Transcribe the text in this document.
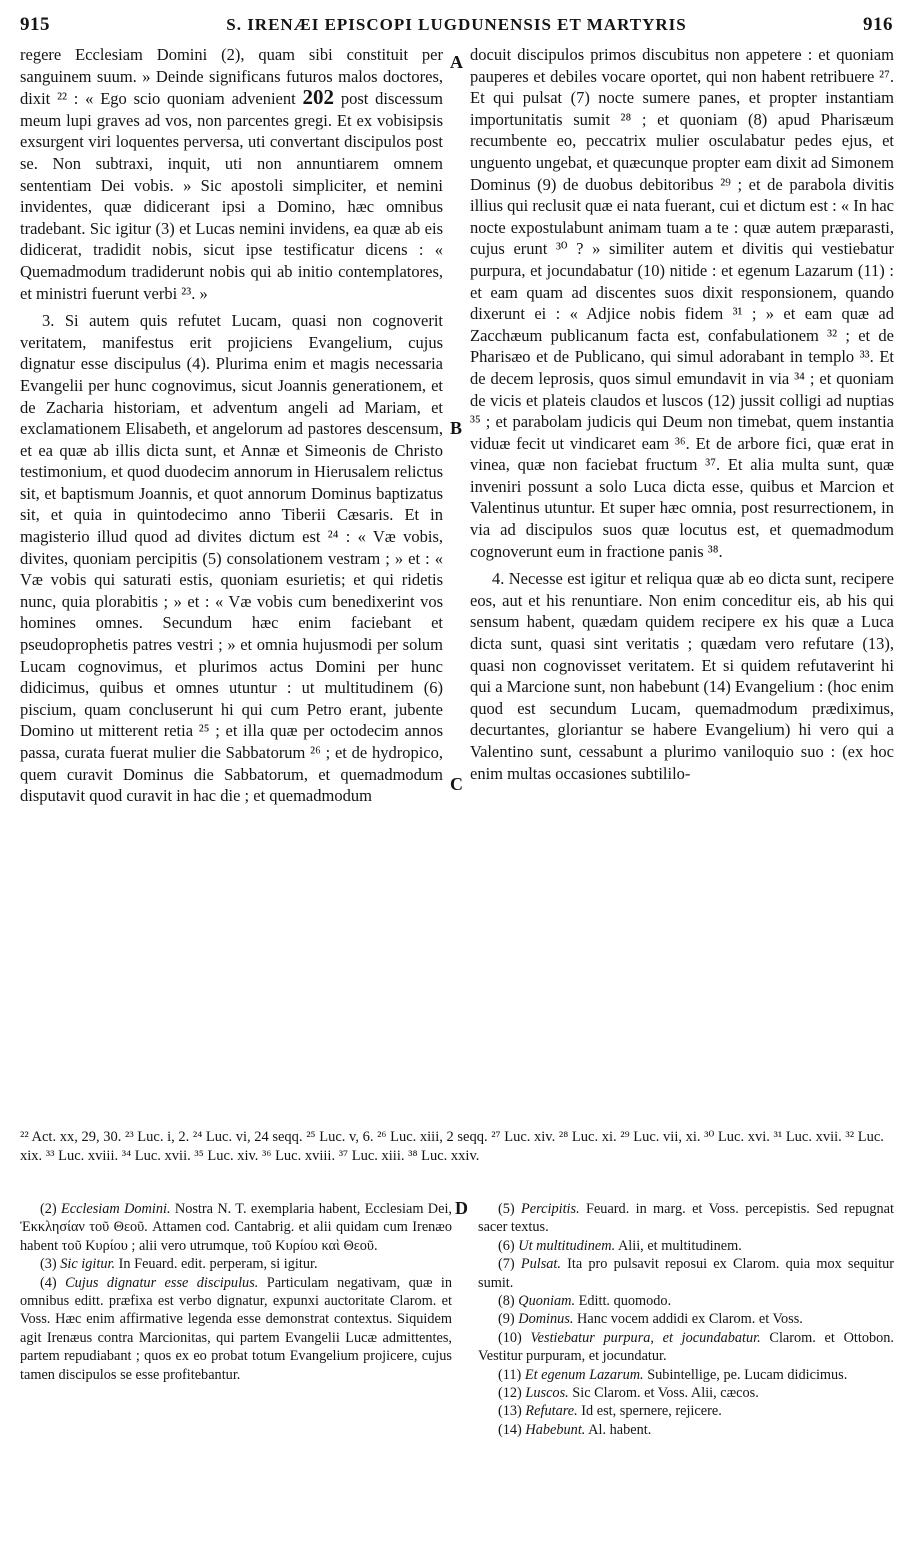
915	S. IRENÆI EPISCOPI LUGDUNENSIS ET MARTYRIS	916
A
B
C
D

regere Ecclesiam Domini (2), quam sibi constituit per sanguinem suum. » Deinde significans futuros malos doctores, dixit ²² : « Ego scio quoniam advenient 202 post discessum meum lupi graves ad vos, non parcentes gregi. Et ex vobisipsis exsurgent viri loquentes perversa, uti convertant discipulos post se. Non subtraxi, inquit, uti non annuntiarem omnem sententiam Dei vobis. » Sic apostoli simpliciter, et nemini invidentes, quæ didicerant ipsi a Domino, hæc omnibus tradebant. Sic igitur (3) et Lucas nemini invidens, ea quæ ab eis didicerat, tradidit nobis, sicut ipse testificatur dicens : « Quemadmodum tradiderunt nobis qui ab initio contemplatores, et ministri fuerunt verbi ²³. »

3. Si autem quis refutet Lucam, quasi non cognoverit veritatem, manifestus erit projiciens Evangelium, cujus dignatur esse discipulus (4). Plurima enim et magis necessaria Evangelii per hunc cognovimus, sicut Joannis generationem, et de Zacharia historiam, et adventum angeli ad Mariam, et exclamationem Elisabeth, et angelorum ad pastores descensum, et ea quæ ab illis dicta sunt, et Annæ et Simeonis de Christo testimonium, et quod duodecim annorum in Hierusalem relictus sit, et baptismum Joannis, et quot annorum Dominus baptizatus sit, et quia in quintodecimo anno Tiberii Cæsaris. Et in magisterio illud quod ad divites dictum est ²⁴ : « Væ vobis, divites, quoniam percipitis (5) consolationem vestram ; » et : « Væ vobis qui saturati estis, quoniam esurietis; et qui ridetis nunc, quia plorabitis ; » et : « Væ vobis cum benedixerint vos homines omnes. Secundum hæc enim faciebant et pseudoprophetis patres vestri ; » et omnia hujusmodi per solum Lucam cognovimus, et plurimos actus Domini per hunc didicimus, quibus et omnes utuntur : ut multitudinem (6) piscium, quam concluserunt hi qui cum Petro erant, jubente Domino ut mitterent retia ²⁵ ; et illa quæ per octodecim annos passa, curata fuerat mulier die Sabbatorum ²⁶ ; et de hydropico, quem curavit Dominus die Sabbatorum, et quemadmodum disputavit quod curavit in hac die ; et quemadmodum

docuit discipulos primos discubitus non appetere : et quoniam pauperes et debiles vocare oportet, qui non habent retribuere ²⁷. Et qui pulsat (7) nocte sumere panes, et propter instantiam importunitatis sumit ²⁸ ; et quoniam (8) apud Pharisæum recumbente eo, peccatrix mulier osculabatur pedes ejus, et unguento ungebat, et quæcunque propter eam dixit ad Simonem Dominus (9) de duobus debitoribus ²⁹ ; et de parabola divitis illius qui reclusit quæ ei nata fuerant, cui et dictum est : « In hac nocte expostulabunt animam tuam a te : quæ autem præparasti, cujus erunt ³⁰ ? » similiter autem et divitis qui vestiebatur purpura, et jocundabatur (10) nitide : et egenum Lazarum (11) : et eam quam ad discentes suos dixit responsionem, quando dixerunt ei : « Adjice nobis fidem ³¹ ; » et eam quæ ad Zacchæum publicanum facta est, confabulationem ³² ; et de Pharisæo et de Publicano, qui simul adorabant in templo ³³. Et de decem leprosis, quos simul emundavit in via ³⁴ ; et quoniam de vicis et plateis claudos et luscos (12) jussit colligi ad nuptias ³⁵ ; et parabolam judicis qui Deum non timebat, quem instantia viduæ fecit ut vindicaret eam ³⁶. Et de arbore fici, quæ erat in vinea, quæ non faciebat fructum ³⁷. Et alia multa sunt, quæ inveniri possunt a solo Luca dicta esse, quibus et Marcion et Valentinus utuntur. Et super hæc omnia, post resurrectionem, in via ad discipulos suos quæ locutus est, et quemadmodum cognoverunt eum in fractione panis ³⁸.

4. Necesse est igitur et reliqua quæ ab eo dicta sunt, recipere eos, aut et his renuntiare. Non enim conceditur eis, ab his qui sensum habent, quædam quidem recipere ex his quæ a Luca dicta sunt, quasi sint veritatis ; quædam vero refutare (13), quasi non cognovisset veritatem. Et si quidem refutaverint hi qui a Marcione sunt, non habebunt (14) Evangelium : (hoc enim quod est secundum Lucam, quemadmodum prædiximus, decurtantes, gloriantur se habere Evangelium) hi vero qui a Valentino sunt, cessabunt a plurimo vaniloquio suo : (ex hoc enim multas occasiones subtililo-

²² Act. xx, 29, 30. ²³ Luc. i, 2. ²⁴ Luc. vi, 24 seqq. ²⁵ Luc. v, 6. ²⁶ Luc. xiii, 2 seqq. ²⁷ Luc. xiv. ²⁸ Luc. xi. ²⁹ Luc. vii, xi. ³⁰ Luc. xvi. ³¹ Luc. xvii. ³² Luc. xix. ³³ Luc. xviii. ³⁴ Luc. xvii. ³⁵ Luc. xiv. ³⁶ Luc. xviii. ³⁷ Luc. xiii. ³⁸ Luc. xxiv.

(2) Ecclesiam Domini. Nostra N. T. exemplaria habent, Ecclesiam Dei, Ἐκκλησίαν τοῦ Θεοῦ. Attamen cod. Cantabrig. et alii quidam cum Irenæo habent τοῦ Κυρίου ; alii vero utrumque, τοῦ Κυρίου καὶ Θεοῦ.

(3) Sic igitur. In Feuard. edit. perperam, si igitur.

(4) Cujus dignatur esse discipulus. Particulam negativam, quæ in omnibus editt. præfixa est verbo dignatur, expunxi auctoritate Clarom. et Voss. Hæc enim affirmative legenda esse demonstrat contextus. Siquidem agit Irenæus contra Marcionitas, qui partem Evangelii Lucæ admittentes, partem repudiabant ; quos ex eo probat totum Evangelium projicere, cujus tamen discipulos se esse profitebantur.

(5) Percipitis. Feuard. in marg. et Voss. percepistis. Sed repugnat sacer textus.

(6) Ut multitudinem. Alii, et multitudinem.

(7) Pulsat. Ita pro pulsavit reposui ex Clarom. quia mox sequitur sumit.

(8) Quoniam. Editt. quomodo.

(9) Dominus. Hanc vocem addidi ex Clarom. et Voss.

(10) Vestiebatur purpura, et jocundabatur. Clarom. et Ottobon. Vestitur purpuram, et jocundatur.

(11) Et egenum Lazarum. Subintellige, pe. Lucam didicimus.

(12) Luscos. Sic Clarom. et Voss. Alii, cæcos.

(13) Refutare. Id est, spernere, rejicere.

(14) Habebunt. Al. habent.
